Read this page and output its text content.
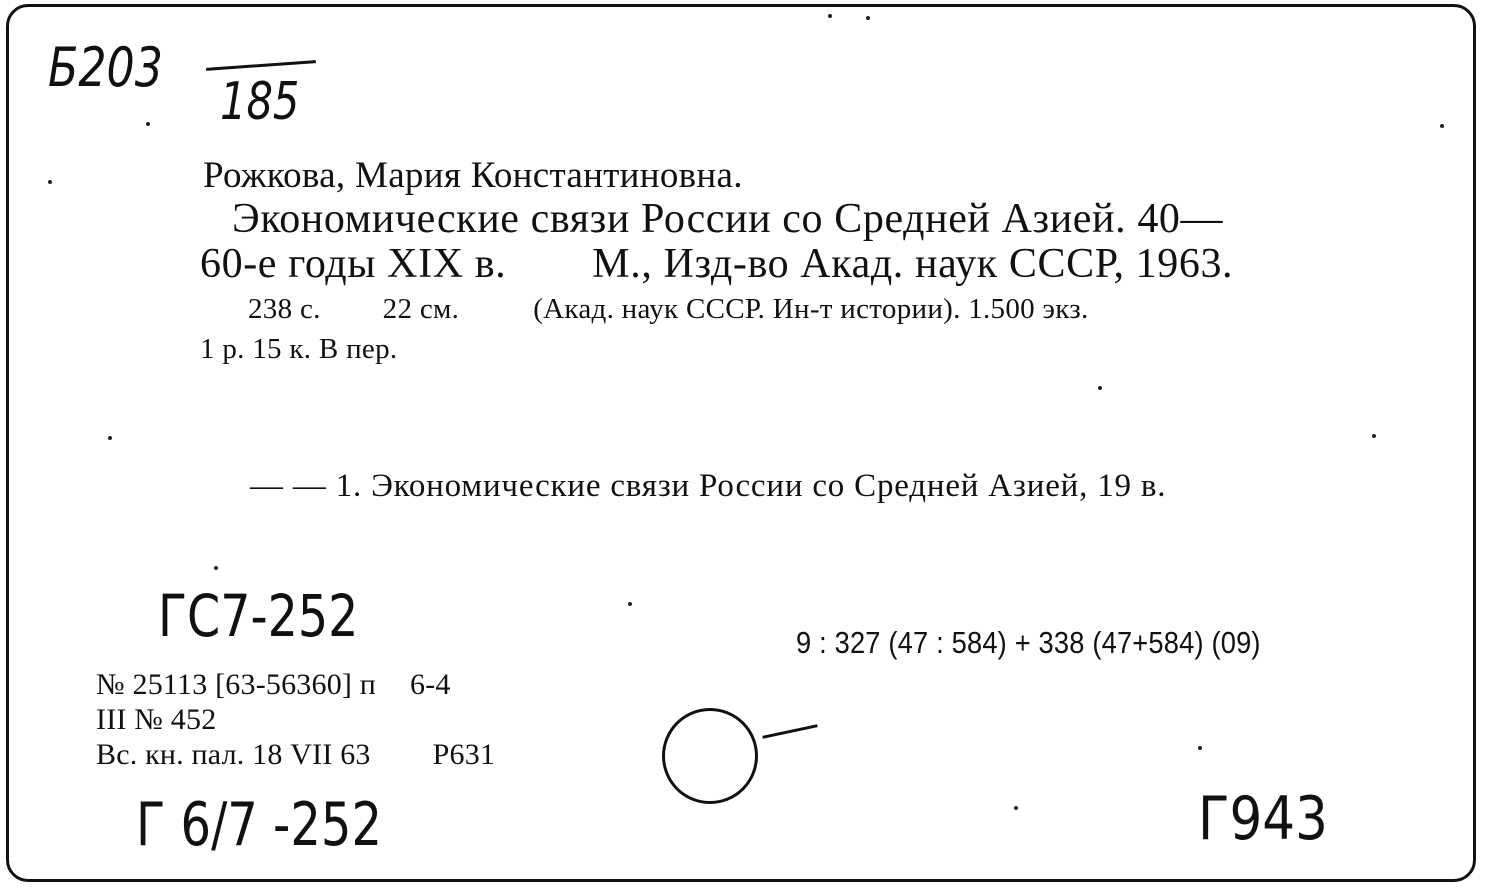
Б203
185
Рожкова, Мария Константиновна.
Экономические связи России со Средней Азией. 40—
60-е годы XIX в. М., Изд-во Акад. наук СССР, 1963.
238 с. 22 см.	(Акад. наук СССР. Ин-т истории). 1.500 экз.
1 р. 15 к. В пер.
— — 1. Экономические связи России со Средней Азией, 19 в.
ГС7-252	9 : 327 (47 : 584) + 338 (47+584) (09)
№ 25113 [63-56360] п 6-4
III № 452
Вс. кн. пал. 18 VII 63 Р631
Г 6/7 -252	Г943
